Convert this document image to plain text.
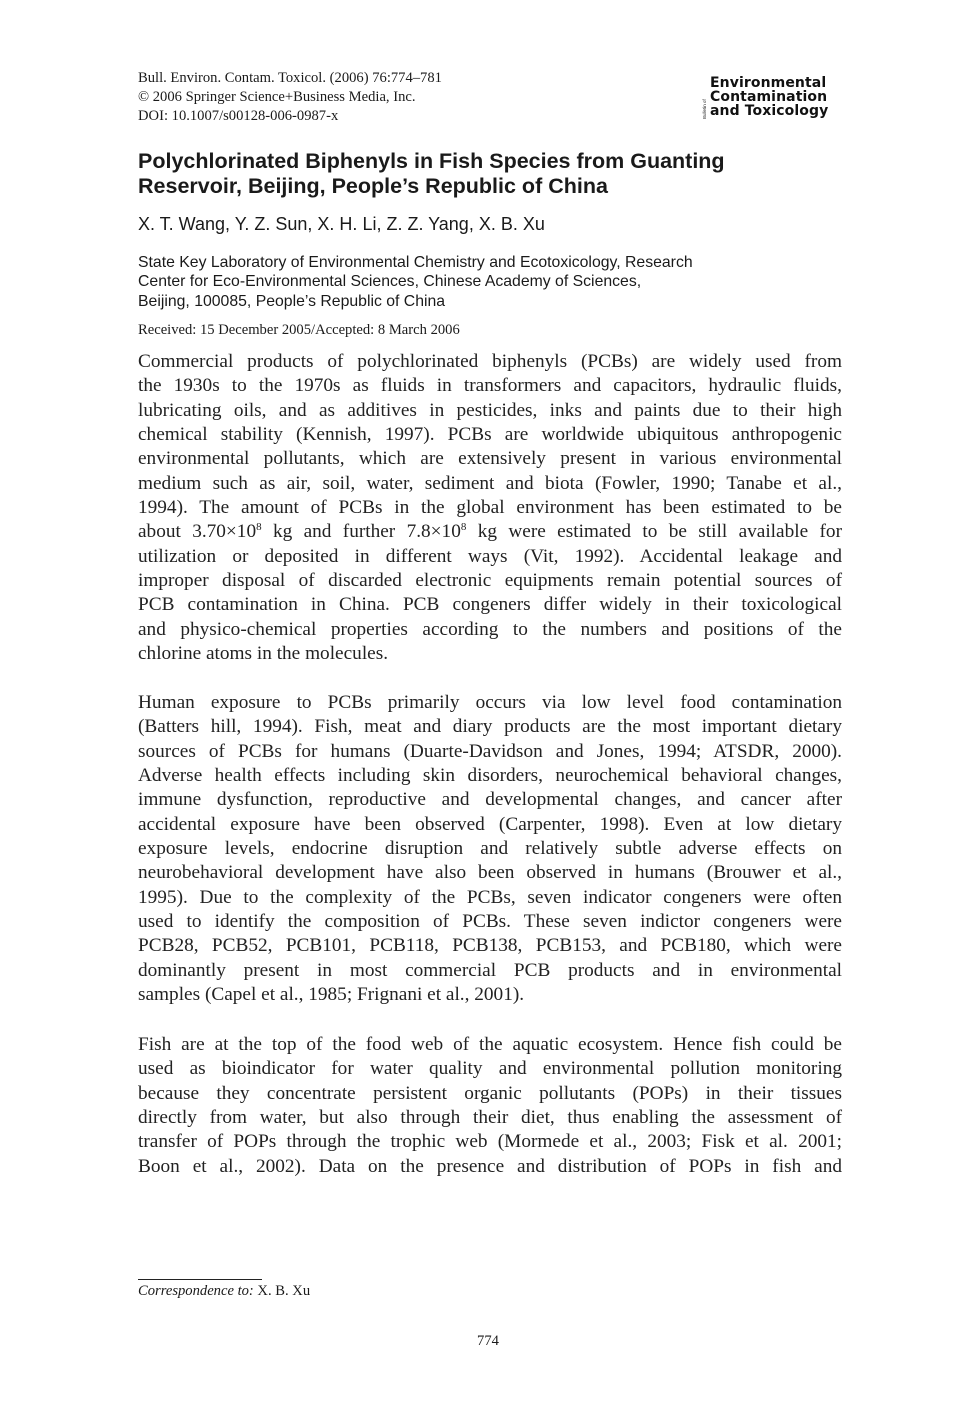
Bull. Environ. Contam. Toxicol. (2006) 76:774–781
© 2006 Springer Science+Business Media, Inc.
DOI: 10.1007/s00128-006-0987-x	Bulletin of
Environmental
Contamination
and Toxicology
Polychlorinated Biphenyls in Fish Species from Guanting
Reservoir, Beijing, People’s Republic of China
X. T. Wang, Y. Z. Sun, X. H. Li, Z. Z. Yang, X. B. Xu
State Key Laboratory of Environmental Chemistry and Ecotoxicology, Research
Center for Eco-Environmental Sciences, Chinese Academy of Sciences,
Beijing, 100085, People’s Republic of China
Received: 15 December 2005/Accepted: 8 March 2006
Commercial products of polychlorinated biphenyls (PCBs) are widely used from
the 1930s to the 1970s as fluids in transformers and capacitors, hydraulic fluids,
lubricating oils, and as additives in pesticides, inks and paints due to their high
chemical stability (Kennish, 1997). PCBs are worldwide ubiquitous anthropogenic
environmental pollutants, which are extensively present in various environmental
medium such as air, soil, water, sediment and biota (Fowler, 1990; Tanabe et al.,
1994). The amount of PCBs in the global environment has been estimated to be
about $3.70\times 10^8$ kg and further $7.8\times 10^8$ kg were estimated to be still available for
utilization or deposited in different ways (Vit, 1992). Accidental leakage and
improper disposal of discarded electronic equipments remain potential sources of
PCB contamination in China. PCB congeners differ widely in their toxicological
and physico-chemical properties according to the numbers and positions of the
chlorine atoms in the molecules.
Human exposure to PCBs primarily occurs via low level food contamination
(Batters hill, 1994). Fish, meat and diary products are the most important dietary
sources of PCBs for humans (Duarte-Davidson and Jones, 1994; ATSDR, 2000).
Adverse health effects including skin disorders, neurochemical behavioral changes,
immune dysfunction, reproductive and developmental changes, and cancer after
accidental exposure have been observed (Carpenter, 1998). Even at low dietary
exposure levels, endocrine disruption and relatively subtle adverse effects on
neurobehavioral development have also been observed in humans (Brouwer et al.,
1995). Due to the complexity of the PCBs, seven indicator congeners were often
used to identify the composition of PCBs. These seven indictor congeners were
PCB28, PCB52, PCB101, PCB118, PCB138, PCB153, and PCB180, which were
dominantly present in most commercial PCB products and in environmental
samples (Capel et al., 1985; Frignani et al., 2001).
Fish are at the top of the food web of the aquatic ecosystem. Hence fish could be
used as bioindicator for water quality and environmental pollution monitoring
because they concentrate persistent organic pollutants (POPs) in their tissues
directly from water, but also through their diet, thus enabling the assessment of
transfer of POPs through the trophic web (Mormede et al., 2003; Fisk et al. 2001;
Boon et al., 2002). Data on the presence and distribution of POPs in fish and
Correspondence to: X. B. Xu
774
